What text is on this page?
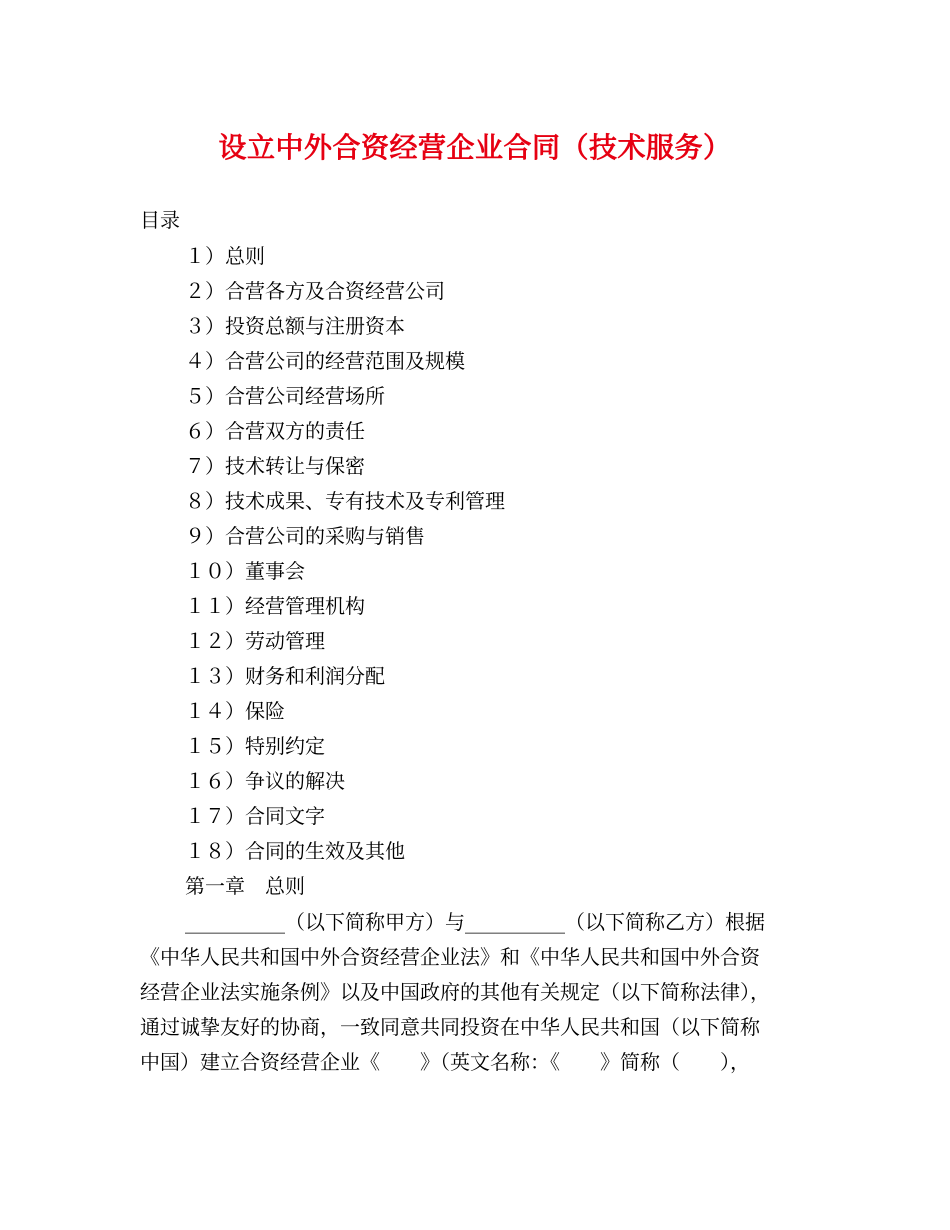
设立中外合资经营企业合同（技术服务）
目录
１）总则
２）合营各方及合资经营公司
３）投资总额与注册资本
４）合营公司的经营范围及规模
５）合营公司经营场所
６）合营双方的责任
７）技术转让与保密
８）技术成果、专有技术及专利管理
９）合营公司的采购与销售
１０）董事会
１１）经营管理机构
１２）劳动管理
１３）财务和利润分配
１４）保险
１５）特别约定
１６）争议的解决
１７）合同文字
１８）合同的生效及其他
第一章　总则
__________（以下简称甲方）与__________（以下简称乙方）根据
《中华人民共和国中外合资经营企业法》和《中华人民共和国中外合资
经营企业法实施条例》以及中国政府的其他有关规定（以下简称法律），
通过诚挚友好的协商，一致同意共同投资在中华人民共和国（以下简称
中国）建立合资经营企业《　　》（英文名称：《　　》简称（　　），
